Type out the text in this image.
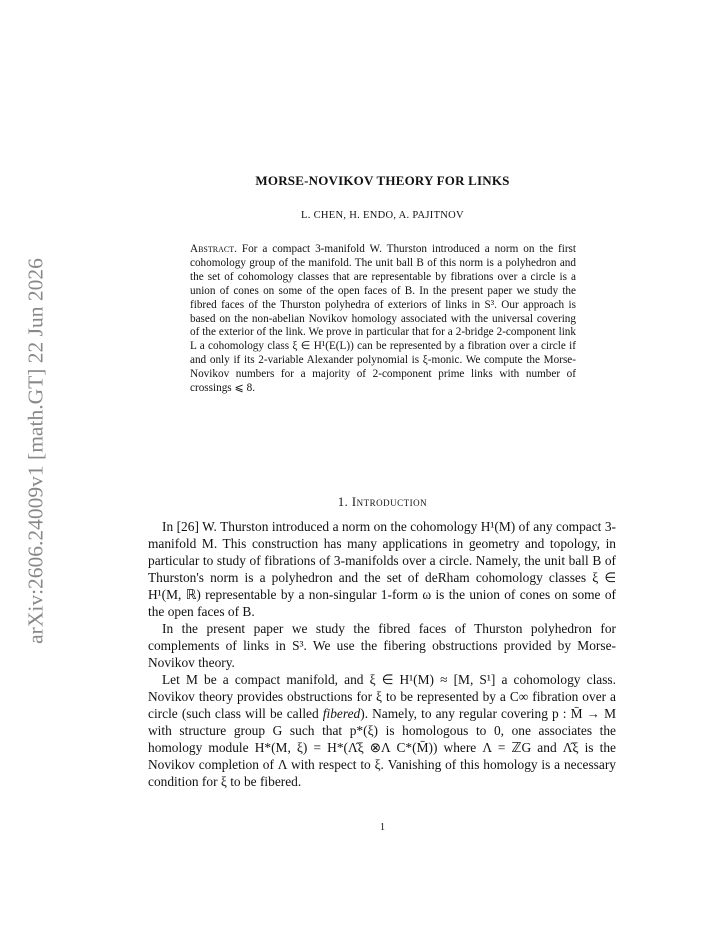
arXiv:2606.24009v1 [math.GT] 22 Jun 2026
MORSE-NOVIKOV THEORY FOR LINKS
L. CHEN, H. ENDO, A. PAJITNOV
Abstract. For a compact 3-manifold W. Thurston introduced a norm on the first cohomology group of the manifold. The unit ball B of this norm is a polyhedron and the set of cohomology classes that are representable by fibrations over a circle is a union of cones on some of the open faces of B. In the present paper we study the fibred faces of the Thurston polyhedra of exteriors of links in S³. Our approach is based on the non-abelian Novikov homology associated with the universal covering of the exterior of the link. We prove in particular that for a 2-bridge 2-component link L a cohomology class ξ ∈ H¹(E(L)) can be represented by a fibration over a circle if and only if its 2-variable Alexander polynomial is ξ-monic. We compute the Morse-Novikov numbers for a majority of 2-component prime links with number of crossings ⩽ 8.
1. Introduction

In [26] W. Thurston introduced a norm on the cohomology H¹(M) of any compact 3-manifold M. This construction has many applications in geometry and topology, in particular to study of fibrations of 3-manifolds over a circle. Namely, the unit ball B of Thurston's norm is a polyhedron and the set of deRham cohomology classes ξ ∈ H¹(M, ℝ) representable by a non-singular 1-form ω is the union of cones on some of the open faces of B.

In the present paper we study the fibred faces of Thurston polyhedron for complements of links in S³. We use the fibering obstructions provided by Morse-Novikov theory.

Let M be a compact manifold, and ξ ∈ H¹(M) ≈ [M, S¹] a cohomology class. Novikov theory provides obstructions for ξ to be represented by a C∞ fibration over a circle (such class will be called fibered). Namely, to any regular covering p : M̄ → M with structure group G such that p*(ξ) is homologous to 0, one associates the homology module H*(M, ξ) = H*(Λ̂ξ ⊗Λ C*(M̄)) where Λ = ℤG and Λ̂ξ is the Novikov completion of Λ with respect to ξ. Vanishing of this homology is a necessary condition for ξ to be fibered.

1
